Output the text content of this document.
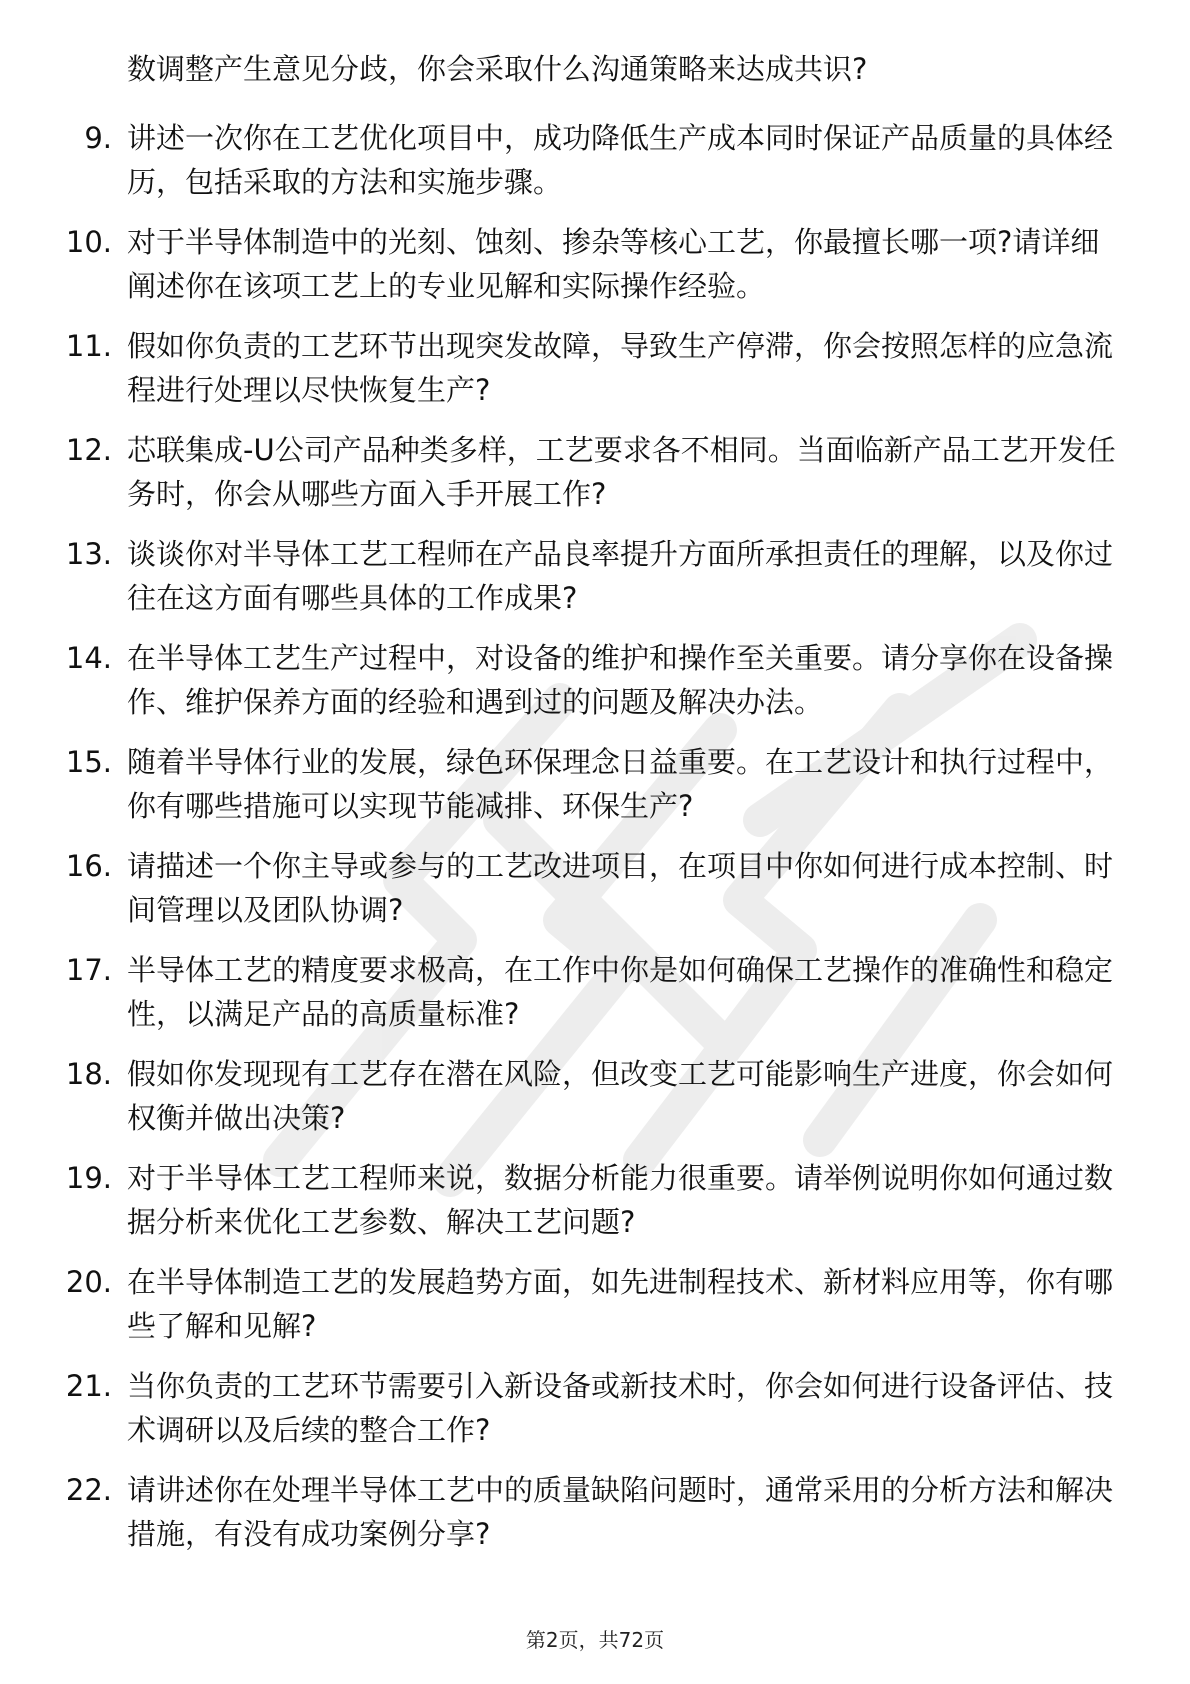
数调整产生意见分歧，你会采取什么沟通策略来达成共识?

9. 讲述一次你在工艺优化项目中，成功降低生产成本同时保证产品质量的具体经历，包括采取的方法和实施步骤。
10. 对于半导体制造中的光刻、蚀刻、掺杂等核心工艺，你最擅长哪一项?请详细阐述你在该项工艺上的专业见解和实际操作经验。
11. 假如你负责的工艺环节出现突发故障，导致生产停滞，你会按照怎样的应急流程进行处理以尽快恢复生产?
12. 芯联集成-U公司产品种类多样，工艺要求各不相同。当面临新产品工艺开发任务时，你会从哪些方面入手开展工作?
13. 谈谈你对半导体工艺工程师在产品良率提升方面所承担责任的理解，以及你过往在这方面有哪些具体的工作成果?
14. 在半导体工艺生产过程中，对设备的维护和操作至关重要。请分享你在设备操作、维护保养方面的经验和遇到过的问题及解决办法。
15. 随着半导体行业的发展，绿色环保理念日益重要。在工艺设计和执行过程中，你有哪些措施可以实现节能减排、环保生产?
16. 请描述一个你主导或参与的工艺改进项目，在项目中你如何进行成本控制、时间管理以及团队协调?
17. 半导体工艺的精度要求极高，在工作中你是如何确保工艺操作的准确性和稳定性，以满足产品的高质量标准?
18. 假如你发现现有工艺存在潜在风险，但改变工艺可能影响生产进度，你会如何权衡并做出决策?
19. 对于半导体工艺工程师来说，数据分析能力很重要。请举例说明你如何通过数据分析来优化工艺参数、解决工艺问题?
20. 在半导体制造工艺的发展趋势方面，如先进制程技术、新材料应用等，你有哪些了解和见解?
21. 当你负责的工艺环节需要引入新设备或新技术时，你会如何进行设备评估、技术调研以及后续的整合工作?
22. 请讲述你在处理半导体工艺中的质量缺陷问题时，通常采用的分析方法和解决措施，有没有成功案例分享?
第2页，共72页
